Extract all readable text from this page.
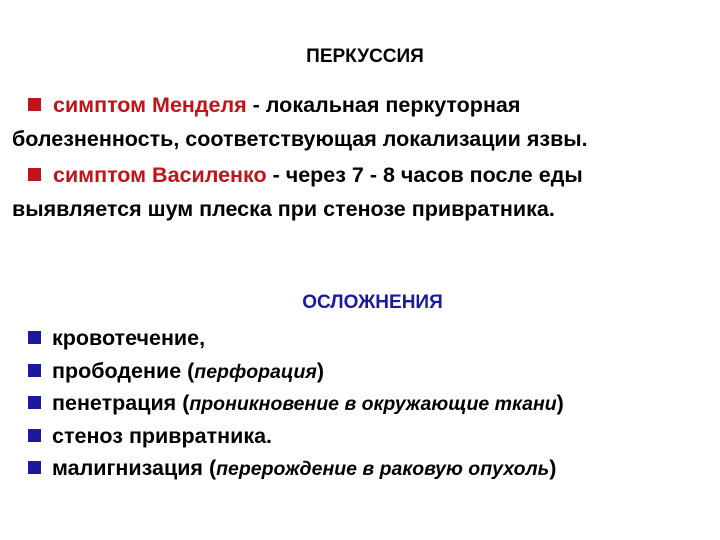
ПЕРКУССИЯ
симптом Менделя - локальная перкуторная
болезненность, соответствующая локализации язвы.
симптом Василенко - через 7 - 8 часов после еды
выявляется шум плеска при стенозе привратника.
ОСЛОЖНЕНИЯ
кровотечение,
прободение (перфорация)
пенетрация (проникновение в окружающие ткани)
стеноз привратника.
малигнизация (перерождение в раковую опухоль)
